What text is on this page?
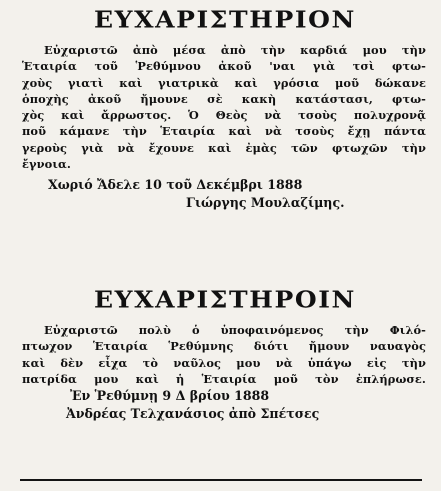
ΕΥΧΑΡΙΣΤΗΡΙΟΝ
Εὐχαριστῶ ἀπὸ μέσα ἀπὸ τὴν καρδιά μου τὴν
Ἑταιρία τοῦ Ῥεθύμνου ἀκοῦ 'ναι γιὰ τσὶ φτω-
χοὺς γιατὶ καὶ γιατρικὰ καὶ γρόσια μοῦ δώκανε
ὁποχὴς ἀκοῦ ἤμουνε σὲ κακὴ κατάστασι, φτω-
χὸς καὶ ἄρρωστος. Ὁ Θεὸς νὰ τσοὺς πολυχρονᾷ
ποῦ κάμανε τὴν Ἑταιρία καὶ νὰ τσοὺς ἔχῃ πάντα
γεροὺς γιὰ νὰ ἔχουνε καὶ ἐμὰς τῶν φτωχῶν τὴν
ἔγνοια.
Χωριό Ἄδελε 10 τοῦ Δεκέμβρι 1888
Γιώργης Μουλαζίμης.
ΕΥΧΑΡΙΣΤΗΡΟΙΝ
Εὐχαριστῶ πολὺ ὁ ὑποφαινόμενος τὴν Φιλό-
πτωχον Ἑταιρία Ῥεθύμνης διότι ἤμουν ναυαγὸς
καὶ δὲν εἶχα τὸ ναῦλος μου νὰ ὑπάγω εἰς τὴν
πατρίδα μου καὶ ἡ Ἑταιρία μοῦ τὸν ἐπλήρωσε.
Ἐν Ῥεθύμνῃ 9 Δ βρίου 1888
Ἀνδρέας Τελχανάσιος ἀπὸ Σπέτσες
